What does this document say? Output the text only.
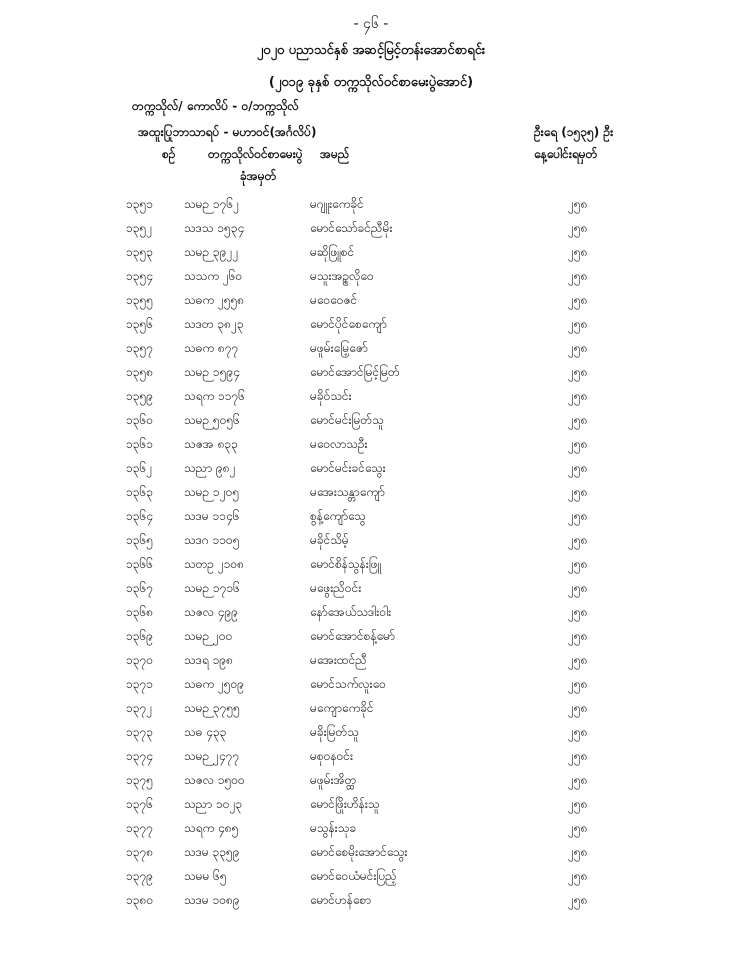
- ၄၆ -
၂၀၂၀ ပညာသင်နှစ် အဆင့်မြင့်တန်းအောင်စာရင်း
(၂၀၁၉ ခုနှစ် တက္ကသိုလ်ဝင်စာမေးပွဲအောင်)
တက္ကသိုလ်/ ကောလိပ် - ဝ/ဘက္ကသိုလ်
အထူးပြုဘာသာရပ် - မဟာဝင်(အင်္ဂလိပ်)	ဦးရေ (၁၅၃၅) ဦး
စဉ်	တက္ကသိုလ်ဝင်စာမေးပွဲ အမည်	နေ့ပေါင်းရမှတ်
ခုံအမှတ်
၁၃၅၁	သမဉ ၁၇၆၂	မဂျူးကေခိုင်	၂၅၈
၁၃၅၂	သဒသ ၁၅၃၄	မောင်သော်ခင်ညီမိုး	၂၅၈
၁၃၅၃	သမဉ ၃၉၂၂	မဆိုဖြူစင်	၂၅၈
၁၃၅၄	သသက ၂၆၀	မသူးအဥ္စလိုဝေ	၂၅၈
၁၃၅၅	သဓက ၂၅၅၈	မဝေဝေဇင်	၂၅၈
၁၃၅၆	သဒတ ၃၈၂၃	မောင်ပိုင်စေကျော်	၂၅၈
၁၃၅၇	သဓက ၈၇၇	မဖူမ်းမြေ့ဇော်	၂၅၈
၁၃၅၈	သမဉ ၁၅၉၄	မောင်အောင်မြင့်မြတ်	၂၅၈
၁၃၅၉	သရက ၁၁၇၆	မခိုဝ်သင်း	၂၅၈
၁၃၆၀	သမဉ ၅၀၅၆	မောင်မင်းမြတ်သူ	၂၅၈
၁၃၆၁	သဇအ ၈၃၃	မဝေလာသဦး	၂၅၈
၁၃၆၂	သညာ ၉၈၂	မောင်မင်းခင်သွေး	၂၅၈
၁၃၆၃	သမဉ ၁၂၀၅	မအေးသန္တာကျော်	၂၅၈
၁၃၆၄	သဒမ ၁၁၄၆	စွန့်ကျော်သွေ	၂၅၈
၁၃၆၅	သဒဂ ၁၁၀၅	မခိုင်သိမ့်	၂၅၈
၁၃၆၆	သတဥ ၂၁၀၈	မောင်စိန်သွန်းဖြူ	၂၅၈
၁၃၆၇	သမဉ ၁၇၁၆	မဖွေးညိဝင်း	၂၅၈
၁၃၆၈	သဇလ ၄၉၉	နော်အေယ်သဒါးဝါး	၂၅၈
၁၃၆၉	သမဉ ၂၀၀	မောင်အောင်စန့်မော်	၂၅၈
၁၃၇၀	သဒရ ၁၉၈	မအေးထင်ညီ	၂၅၈
၁၃၇၁	သဓက ၂၅၀၉	မောင်သက်လူးဝေ	၂၅၈
၁၃၇၂	သမဉ ၃၇၅၅	မကျောကေခိုင်	၂၅၈
၁၃၇၃	သဓ ၄၃၃	မခိုးမြတ်သူ	၂၅၈
၁၃၇၄	သမဉ ၂၄၇၇	မစုဝနဝင်း	၂၅၈
၁၃၇၅	သဇလ ၁၅၀၀	မဖူမ်းအိတ္ထ	၂၅၈
၁၃၇၆	သညာ ၁၀၂၃	မောင်ဖြိုးဟိန်းသူ	၂၅၈
၁၃၇၇	သရက ၄၈၅	မသွန်းသုခ	၂၅၈
၁၃၇၈	သဒမ ၃၃၅၉	မောင်စေမိုးအောင်သွေး	၂၅၈
၁၃၇၉	သမမ ၆၅	မောင်ဝေယံမင်းပြည့်	၂၅၈
၁၃၈၀	သဒမ ၁၀၈၉	မောင်ဟန်စော	၂၅၈
